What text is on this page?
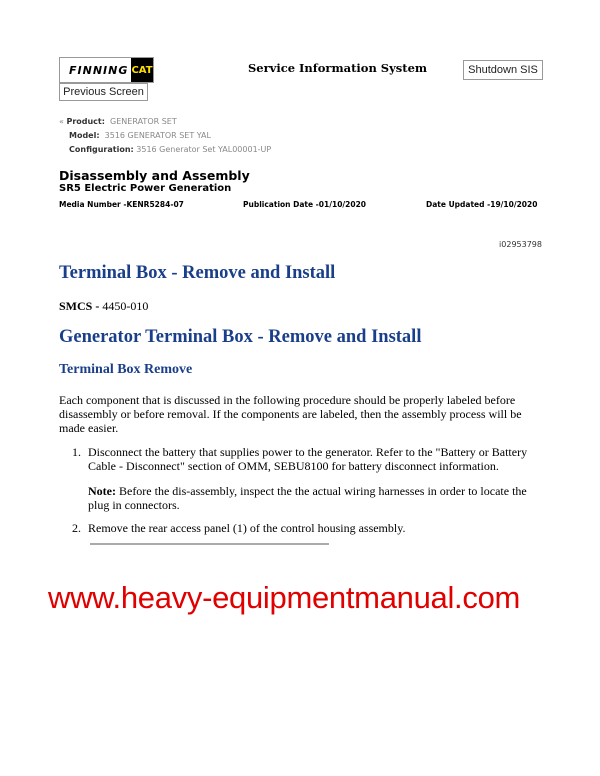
FINNING CAT	Service Information System	Shutdown SIS
Previous Screen
« Product: GENERATOR SET
Model: 3516 GENERATOR SET YAL
Configuration: 3516 Generator Set YAL00001-UP
Disassembly and Assembly
SR5 Electric Power Generation
Media Number -KENR5284-07	Publication Date -01/10/2020	Date Updated -19/10/2020
i02953798
Terminal Box - Remove and Install
SMCS - 4450-010
Generator Terminal Box - Remove and Install
Terminal Box Remove
Each component that is discussed in the following procedure should be properly labeled before disassembly or before removal. If the components are labeled, then the assembly process will be made easier.
1. Disconnect the battery that supplies power to the generator. Refer to the "Battery or Battery Cable - Disconnect" section of OMM, SEBU8100 for battery disconnect information.
Note: Before the dis-assembly, inspect the the actual wiring harnesses in order to locate the plug in connectors.
2. Remove the rear access panel (1) of the control housing assembly.
www.heavy-equipmentmanual.com
